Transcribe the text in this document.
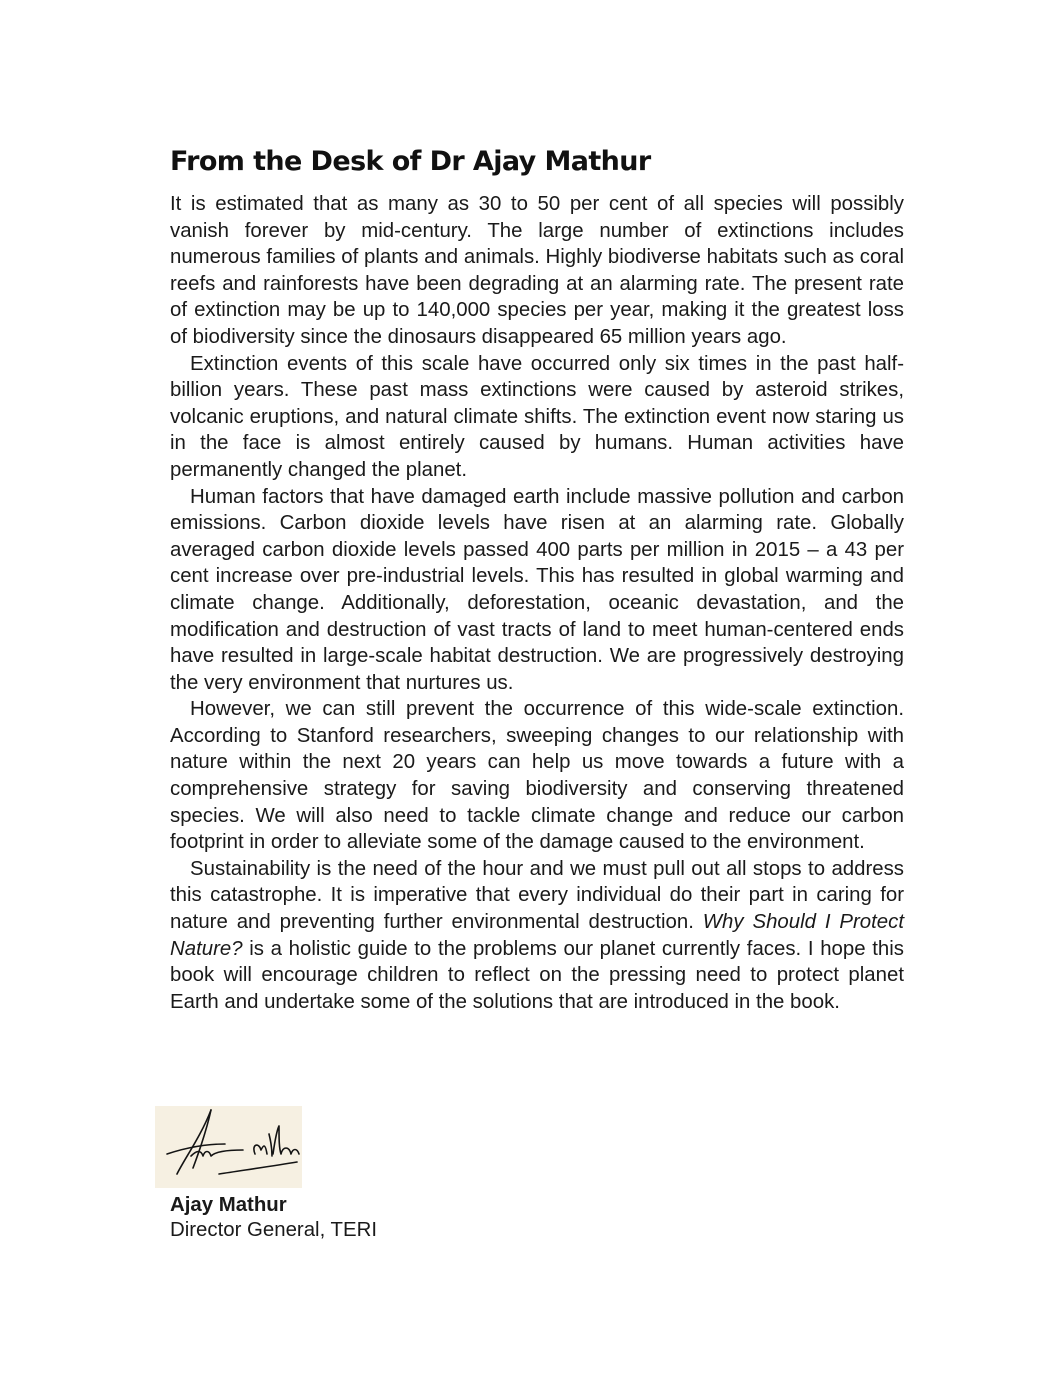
From the Desk of Dr Ajay Mathur

It is estimated that as many as 30 to 50 per cent of all species will possibly vanish forever by mid-century. The large number of extinctions includes numerous families of plants and animals. Highly biodiverse habitats such as coral reefs and rainforests have been degrading at an alarming rate. The present rate of extinction may be up to 140,000 species per year, making it the greatest loss of biodiversity since the dinosaurs disappeared 65 million years ago.

Extinction events of this scale have occurred only six times in the past half-billion years. These past mass extinctions were caused by asteroid strikes, volcanic eruptions, and natural climate shifts. The extinction event now staring us in the face is almost entirely caused by humans. Human activities have permanently changed the planet.

Human factors that have damaged earth include massive pollution and carbon emissions. Carbon dioxide levels have risen at an alarming rate. Globally averaged carbon dioxide levels passed 400 parts per million in 2015 – a 43 per cent increase over pre-industrial levels. This has resulted in global warming and climate change. Additionally, deforestation, oceanic devastation, and the modification and destruction of vast tracts of land to meet human-centered ends have resulted in large-scale habitat destruction. We are progressively destroying the very environment that nurtures us.

However, we can still prevent the occurrence of this wide-scale extinction. According to Stanford researchers, sweeping changes to our relationship with nature within the next 20 years can help us move towards a future with a comprehensive strategy for saving biodiversity and conserving threatened species. We will also need to tackle climate change and reduce our carbon footprint in order to alleviate some of the damage caused to the environment.

Sustainability is the need of the hour and we must pull out all stops to address this catastrophe. It is imperative that every individual do their part in caring for nature and preventing further environmental destruction. Why Should I Protect Nature? is a holistic guide to the problems our planet currently faces. I hope this book will encourage children to reflect on the pressing need to protect planet Earth and undertake some of the solutions that are introduced in the book.

Ajay Mathur
Director General, TERI
